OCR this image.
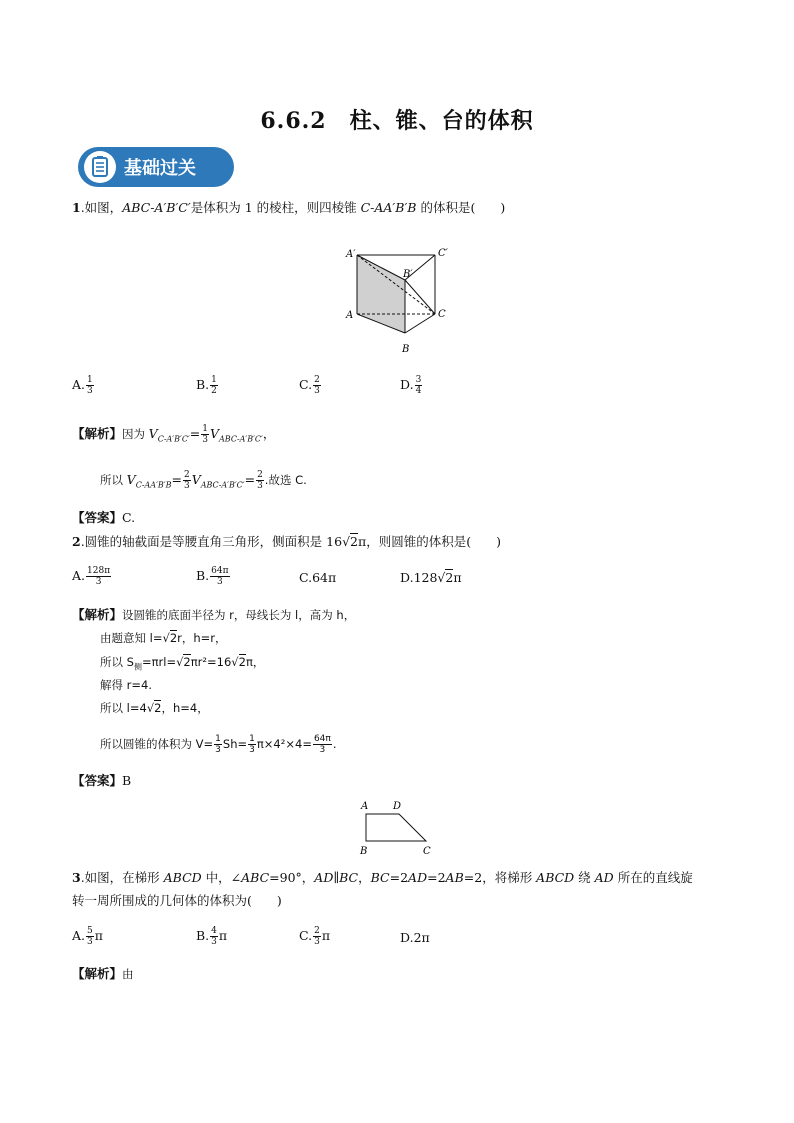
6.6.2　柱、锥、台的体积
基础过关
1.如图，ABC-A′B′C′是体积为 1 的棱柱，则四棱锥 C-AA′B′B 的体积是(　　)
A′	C′
B′
A	C
B
A. $\frac{1}{3}$	B. $\frac{1}{2}$	C. $\frac{2}{3}$	D. $\frac{3}{4}$
【解析】因为 $V_{C-A'B'C'}= \frac{1}{3} V_{ABC-A'B'C'}$，
所以 $V_{C-AA'B'B}= \frac{2}{3} V_{ABC-A'B'C'}= \frac{2}{3}$ .故选 C.
【答案】C.
2.圆锥的轴截面是等腰直角三角形，侧面积是 16√2π，则圆锥的体积是(　　)
A. $\frac{128\pi}{3}$	B. $\frac{64\pi}{3}$	C.64π	D.128√2π
【解析】设圆锥的底面半径为 r，母线长为 l，高为 h，
由题意知 l=√2r，h=r，
所以 $S_侧=\pi rl=√2\pi r^2=16√2\pi$，
解得 r=4.
所以 l=4√2，h=4，
所以圆锥的体积为 $V= \frac{1}{3} Sh= \frac{1}{3} \pi\times 4^2\times 4= \frac{64\pi}{3}$ .
【答案】B
A D
B	C
3.如图，在梯形 ABCD 中，∠ABC=90°，AD∥BC，BC=2AD=2AB=2，将梯形 ABCD 绕 AD 所在的直线旋
转一周所围成的几何体的体积为(　　)
A. $\frac{5}{3}$ π	B. $\frac{4}{3}$ π	C. $\frac{2}{3}$ π	D.2π
【解析】由
